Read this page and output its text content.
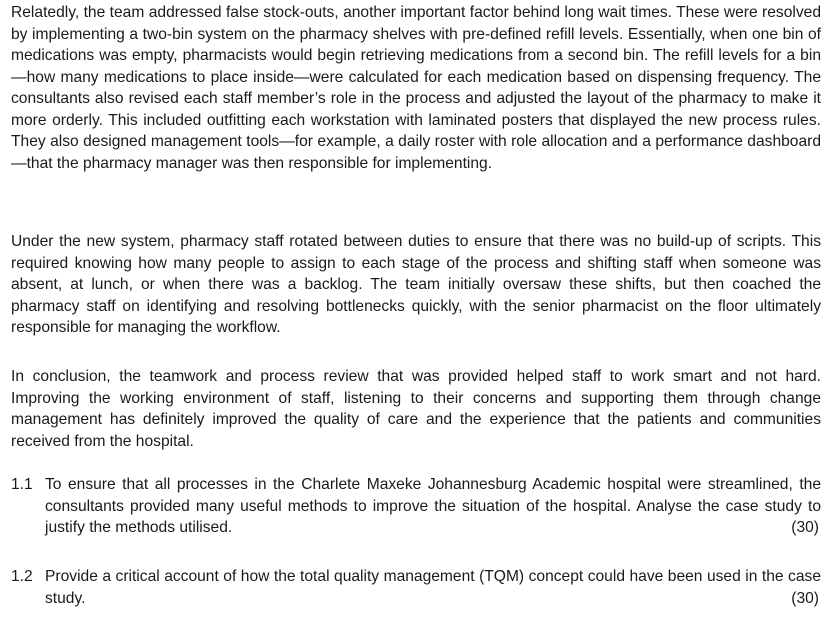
Relatedly, the team addressed false stock-outs, another important factor behind long wait times. These were resolved by implementing a two-bin system on the pharmacy shelves with pre-defined refill levels. Essentially, when one bin of medications was empty, pharmacists would begin retrieving medications from a second bin. The refill levels for a bin—how many medications to place inside—were calculated for each medication based on dispensing frequency. The consultants also revised each staff member’s role in the process and adjusted the layout of the pharmacy to make it more orderly. This included outfitting each workstation with laminated posters that displayed the new process rules. They also designed management tools—for example, a daily roster with role allocation and a performance dashboard—that the pharmacy manager was then responsible for implementing.

Under the new system, pharmacy staff rotated between duties to ensure that there was no build-up of scripts. This required knowing how many people to assign to each stage of the process and shifting staff when someone was absent, at lunch, or when there was a backlog. The team initially oversaw these shifts, but then coached the pharmacy staff on identifying and resolving bottlenecks quickly, with the senior pharmacist on the floor ultimately responsible for managing the workflow.

In conclusion, the teamwork and process review that was provided helped staff to work smart and not hard. Improving the working environment of staff, listening to their concerns and supporting them through change management has definitely improved the quality of care and the experience that the patients and communities received from the hospital.

1.1 To ensure that all processes in the Charlete Maxeke Johannesburg Academic hospital were streamlined, the consultants provided many useful methods to improve the situation of the hospital. Analyse the case study to justify the methods utilised.	(30)
1.2 Provide a critical account of how the total quality management (TQM) concept could have been used in the case study.	(30)
